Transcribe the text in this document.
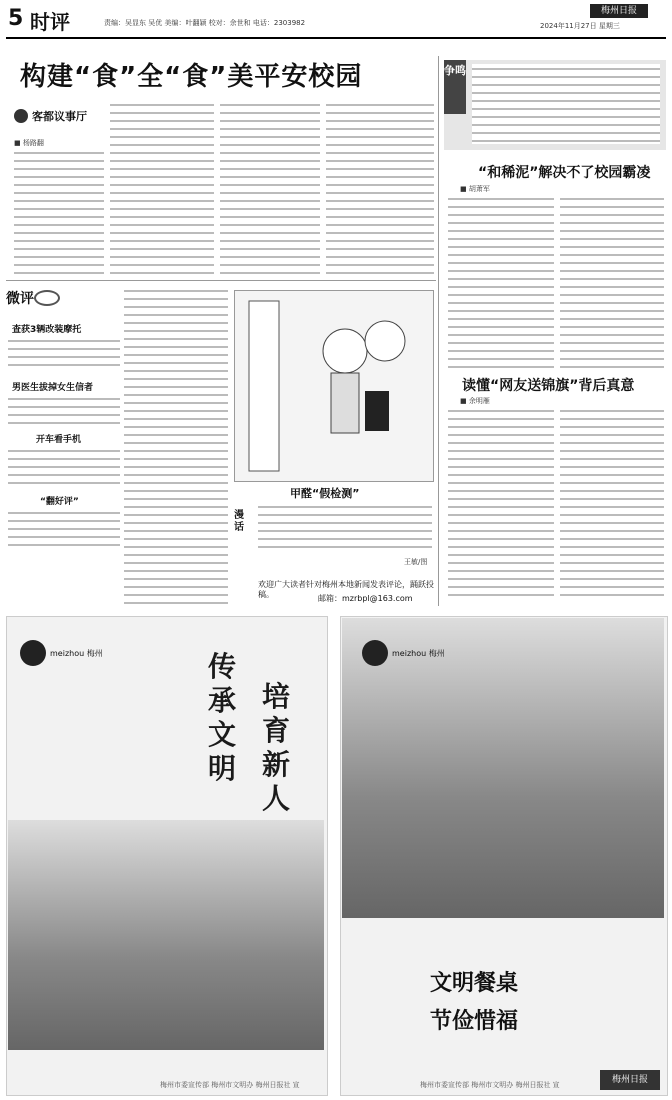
5 时评	责编：吴显东 吴优 美编：叶翻颖 校对：余世和 电话：2303982
梅州日报
2024年11月27日 星期三
构建“食”全“食”美平安校园
客都议事厅
■ 杨路翻
微评
查获3辆改装摩托
男医生拔掉女生信者
开车看手机
“翻好评”
甲醛“假检测”
漫话
王敏/图
欢迎广大读者针对梅州本地新闻发表评论，踊跃投稿。	邮箱：mzrbpl@163.com
争鸣
“和稀泥”解决不了校园霸凌
■ 胡萧军
读懂“网友送锦旗”背后真意
■ 余明雁
meizhou 梅州	传承文明
培育新人
梅州市委宣传部 梅州市文明办 梅州日报社 宣
meizhou 梅州
文明餐桌
节俭惜福
梅州市委宣传部 梅州市文明办 梅州日报社 宣	梅州日报
